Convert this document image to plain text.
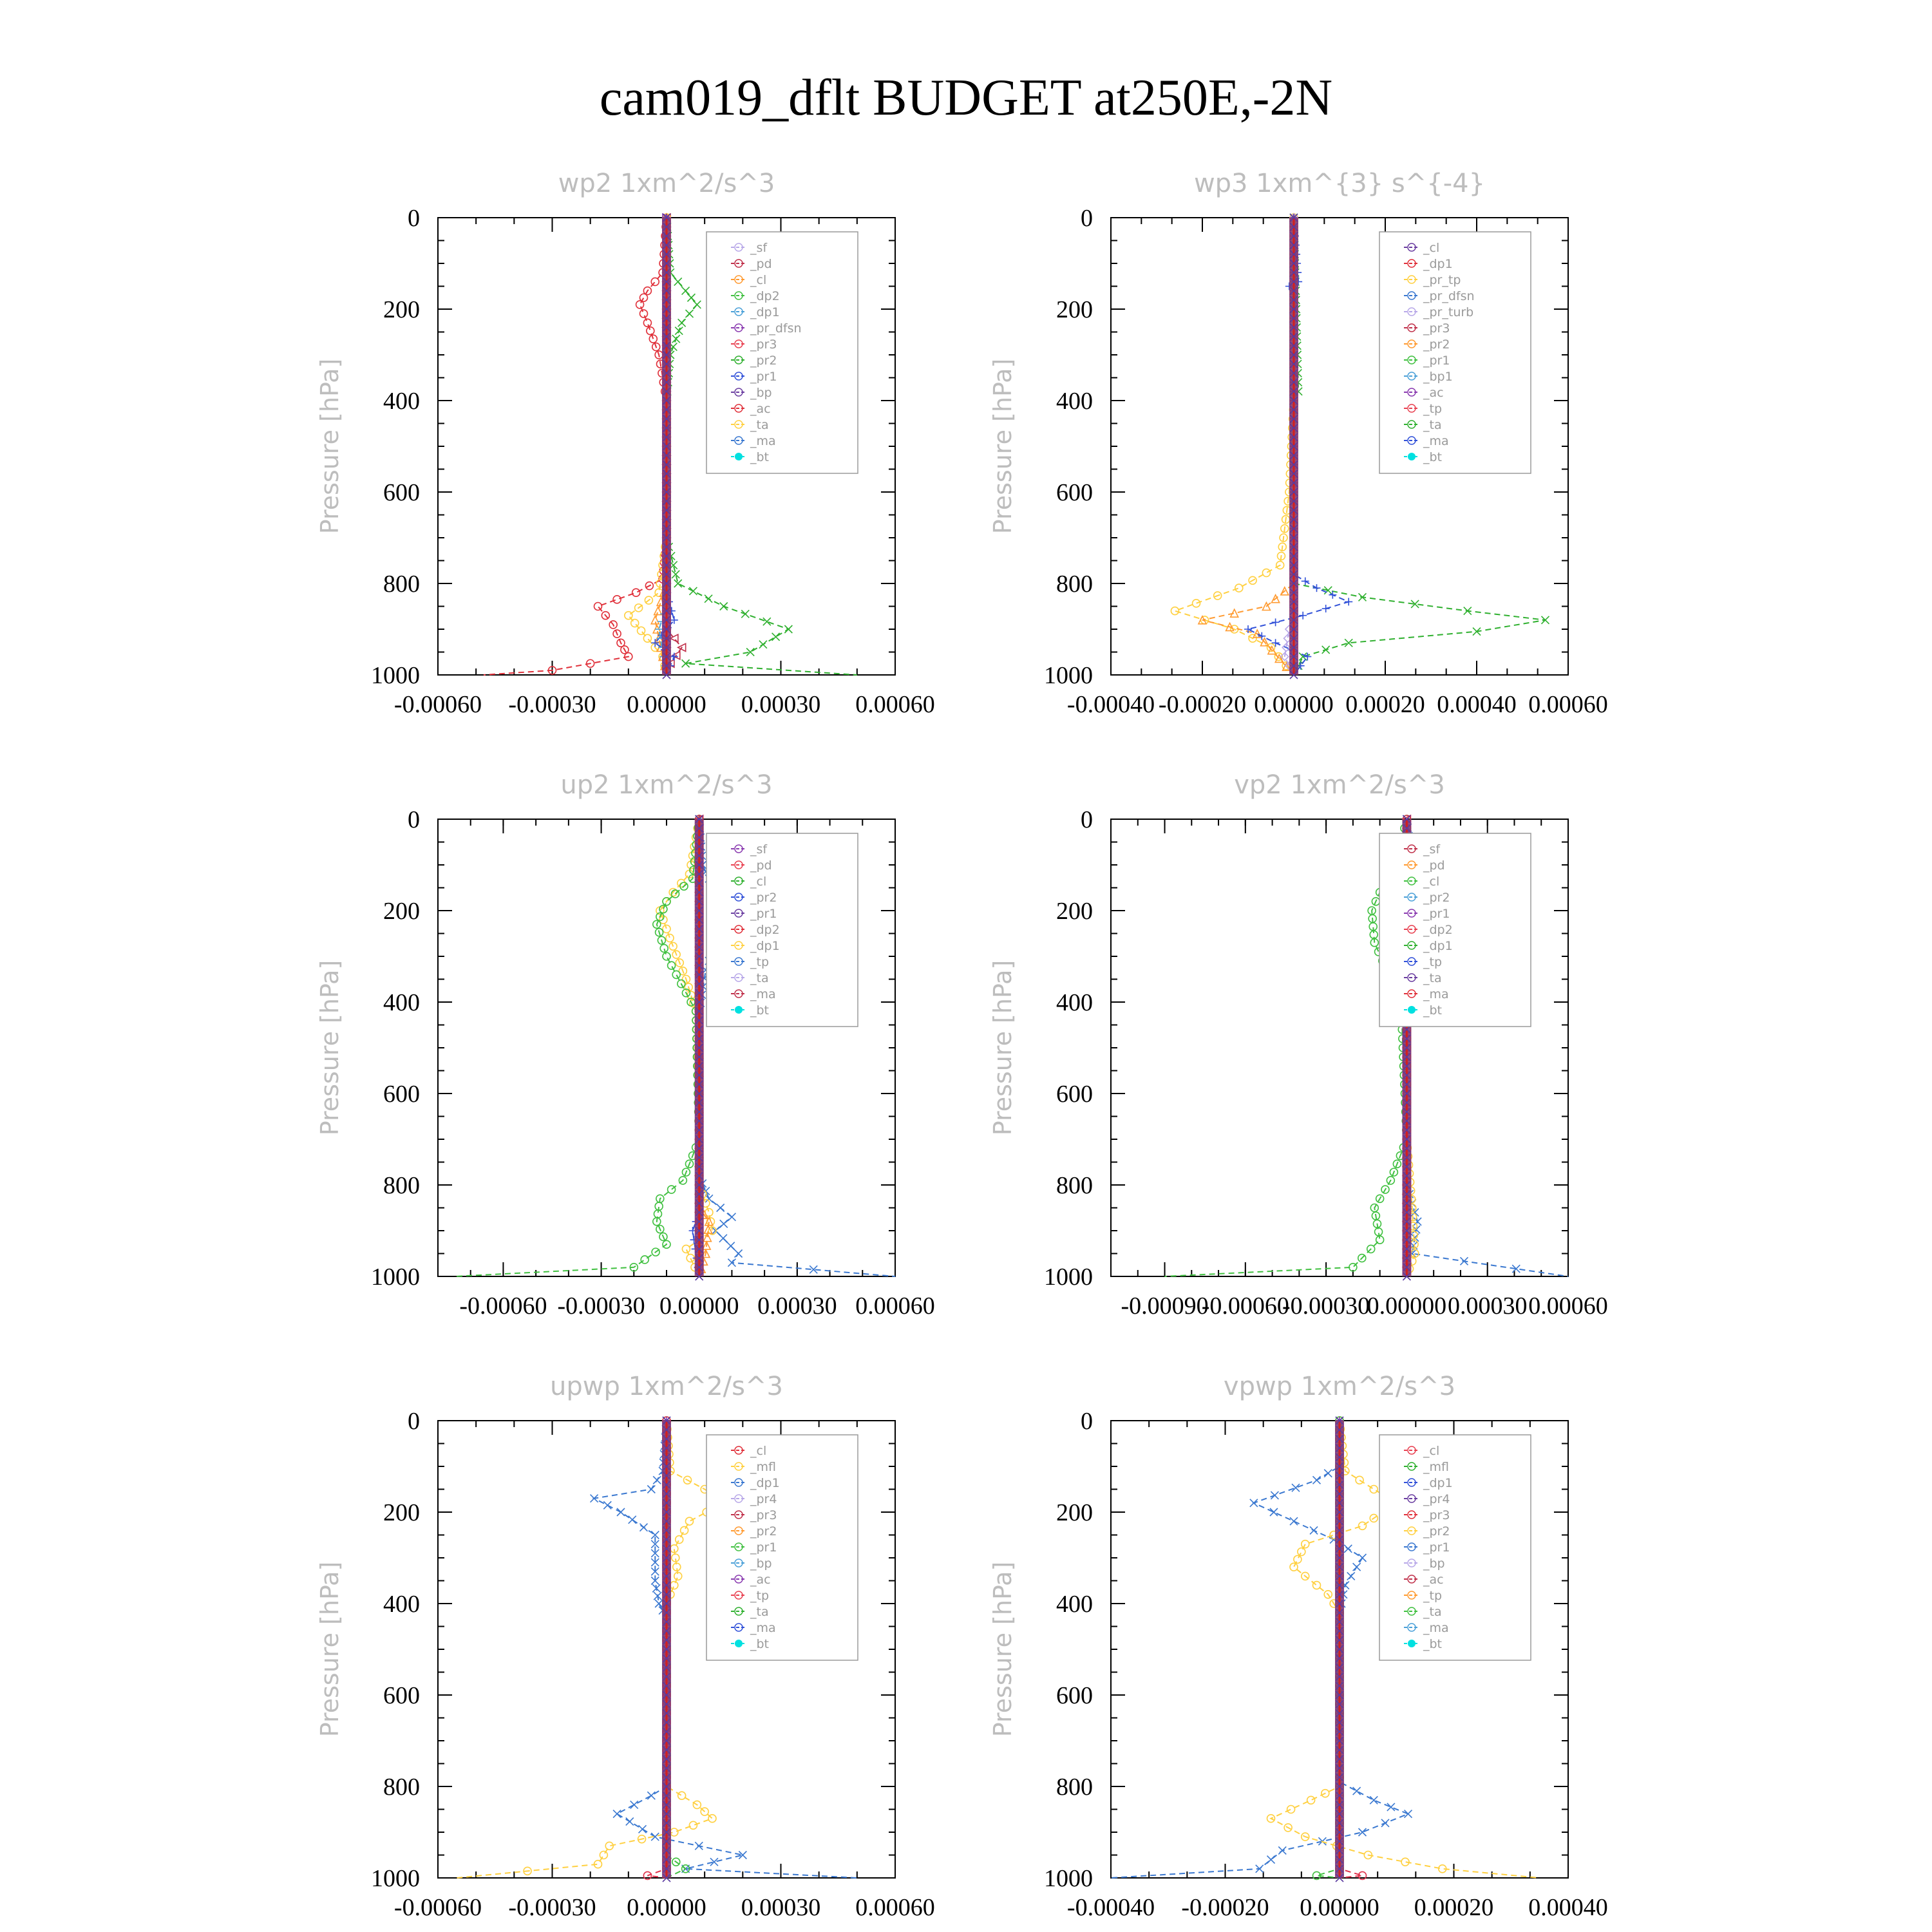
cam019_dflt BUDGET at250E,-2N
wp2 1xm^2/s^3
Pressure [hPa]
0
200
400
600
800
1000
-0.00060 -0.00030 0.00000 0.00030 0.00060
_sf
_pd
_cl
_dp2
_dp1
_pr_dfsn
_pr3
_pr2
_pr1
_bp
_ac
_ta
_ma
_bt
wp3 1xm^{3} s^{-4}
Pressure [hPa]
0
200
400
600
800
1000
-0.00040 -0.00020 0.00000 0.00020 0.00040 0.00060
_cl
_dp1
_pr_tp
_pr_dfsn
_pr_turb
_pr3
_pr2
_pr1
_bp1
_ac
_tp
_ta
_ma
_bt
up2 1xm^2/s^3
Pressure [hPa]
0
200
400
600
800
1000
-0.00060 -0.00030 0.00000 0.00030 0.00060
_sf
_pd
_cl
_pr2
_pr1
_dp2
_dp1
_tp
_ta
_ma
_bt
vp2 1xm^2/s^3
Pressure [hPa]
0
200
400
600
800
1000
-0.00090
-0.00060
-0.00030
0.00000 0.00030 0.00060
_sf
_pd
_cl
_pr2
_pr1
_dp2
_dp1
_tp
_ta
_ma
_bt
upwp 1xm^2/s^3
Pressure [hPa]
0
200
400
600
800
1000
-0.00060 -0.00030 0.00000 0.00030 0.00060
_cl
_mfl
_dp1
_pr4
_pr3
_pr2
_pr1
_bp
_ac
_tp
_ta
_ma
_bt
vpwp 1xm^2/s^3
Pressure [hPa]
0
200
400
600
800
1000
-0.00040 -0.00020 0.00000 0.00020 0.00040
_cl
_mfl
_dp1
_pr4
_pr3
_pr2
_pr1
_bp
_ac
_tp
_ta
_ma
_bt
